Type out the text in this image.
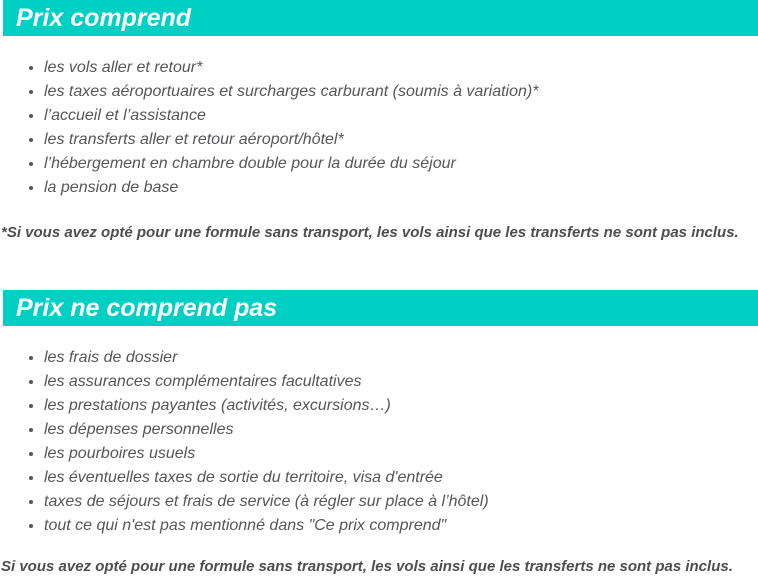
Prix comprend
• les vols aller et retour*
• les taxes aéroportuaires et surcharges carburant (soumis à variation)*
• l’accueil et l’assistance
• les transferts aller et retour aéroport/hôtel*
• l’hébergement en chambre double pour la durée du séjour
• la pension de base

*Si vous avez opté pour une formule sans transport, les vols ainsi que les transferts ne sont pas inclus.

Prix ne comprend pas
• les frais de dossier
• les assurances complémentaires facultatives
• les prestations payantes (activités, excursions…)
• les dépenses personnelles
• les pourboires usuels
• les éventuelles taxes de sortie du territoire, visa d'entrée
• taxes de séjours et frais de service (à régler sur place à l’hôtel)
• tout ce qui n'est pas mentionné dans "Ce prix comprend"

Si vous avez opté pour une formule sans transport, les vols ainsi que les transferts ne sont pas inclus.
